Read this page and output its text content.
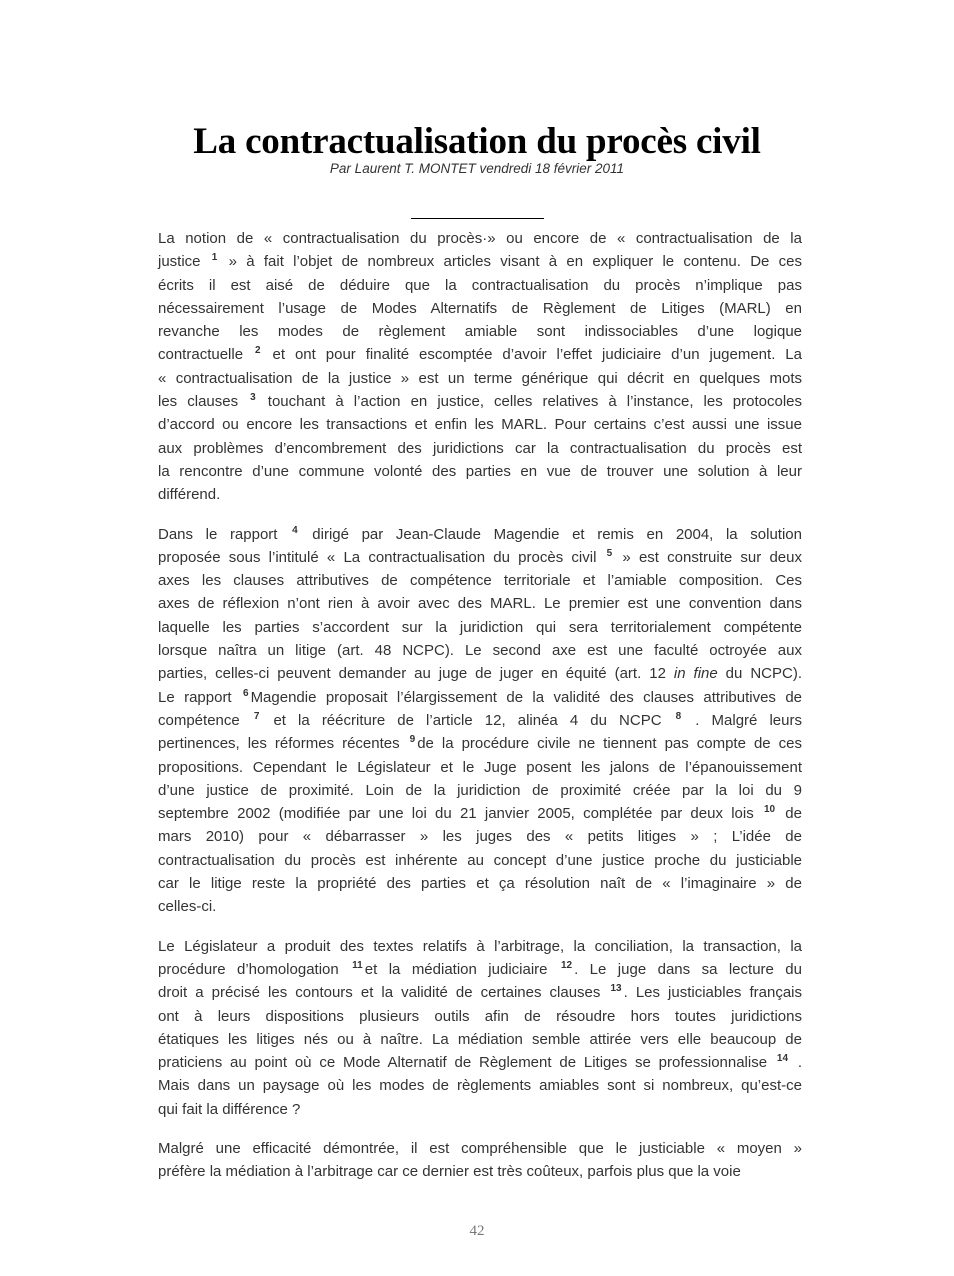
La contractualisation du procès civil
Par Laurent T. MONTET vendredi 18 février 2011
La notion de « contractualisation du procès·» ou encore de « contractualisation de la
justice $^1$ » à fait l’objet de nombreux articles visant à en expliquer le contenu. De ces
écrits il est aisé de déduire que la contractualisation du procès n’implique pas
nécessairement l’usage de Modes Alternatifs de Règlement de Litiges (MARL) en
revanche les modes de règlement amiable sont indissociables d’une logique
contractuelle $^2$ et ont pour finalité escomptée d’avoir l’effet judiciaire d’un jugement. La
« contractualisation de la justice » est un terme générique qui décrit en quelques mots
les clauses $^3$ touchant à l’action en justice, celles relatives à l’instance, les protocoles
d’accord ou encore les transactions et enfin les MARL. Pour certains c’est aussi une issue
aux problèmes d’encombrement des juridictions car la contractualisation du procès est
la rencontre d’une commune volonté des parties en vue de trouver une solution à leur
différend.
Dans le rapport $^4$ dirigé par Jean-Claude Magendie et remis en 2004, la solution
proposée sous l’intitulé « La contractualisation du procès civil $^5$ » est construite sur deux
axes les clauses attributives de compétence territoriale et l’amiable composition. Ces
axes de réflexion n’ont rien à avoir avec des MARL. Le premier est une convention dans
laquelle les parties s’accordent sur la juridiction qui sera territorialement compétente
lorsque naîtra un litige (art. 48 NCPC). Le second axe est une faculté octroyée aux
parties, celles-ci peuvent demander au juge de juger en équité (art. 12 in fine du NCPC).
Le rapport $^6$ Magendie proposait l’élargissement de la validité des clauses attributives de
compétence $^7$ et la réécriture de l’article 12, alinéa 4 du NCPC $^8$ . Malgré leurs
pertinences, les réformes récentes $^9$ de la procédure civile ne tiennent pas compte de ces
propositions. Cependant le Législateur et le Juge posent les jalons de l’épanouissement
d’une justice de proximité. Loin de la juridiction de proximité créée par la loi du 9
septembre 2002 (modifiée par une loi du 21 janvier 2005, complétée par deux lois $^{10}$ de
mars 2010) pour « débarrasser » les juges des « petits litiges » ; L’idée de
contractualisation du procès est inhérente au concept d’une justice proche du justiciable
car le litige reste la propriété des parties et ça résolution naît de « l’imaginaire » de
celles-ci.
Le Législateur a produit des textes relatifs à l’arbitrage, la conciliation, la transaction, la
procédure d’homologation $^{11}$ et la médiation judiciaire $^{12}$ . Le juge dans sa lecture du
droit a précisé les contours et la validité de certaines clauses $^{13}$ . Les justiciables français
ont à leurs dispositions plusieurs outils afin de résoudre hors toutes juridictions
étatiques les litiges nés ou à naître. La médiation semble attirée vers elle beaucoup de
praticiens au point où ce Mode Alternatif de Règlement de Litiges se professionnalise $^{14}$ .
Mais dans un paysage où les modes de règlements amiables sont si nombreux, qu’est-ce
qui fait la différence ?
Malgré une efficacité démontrée, il est compréhensible que le justiciable « moyen »
préfère la médiation à l’arbitrage car ce dernier est très coûteux, parfois plus que la voie
42
